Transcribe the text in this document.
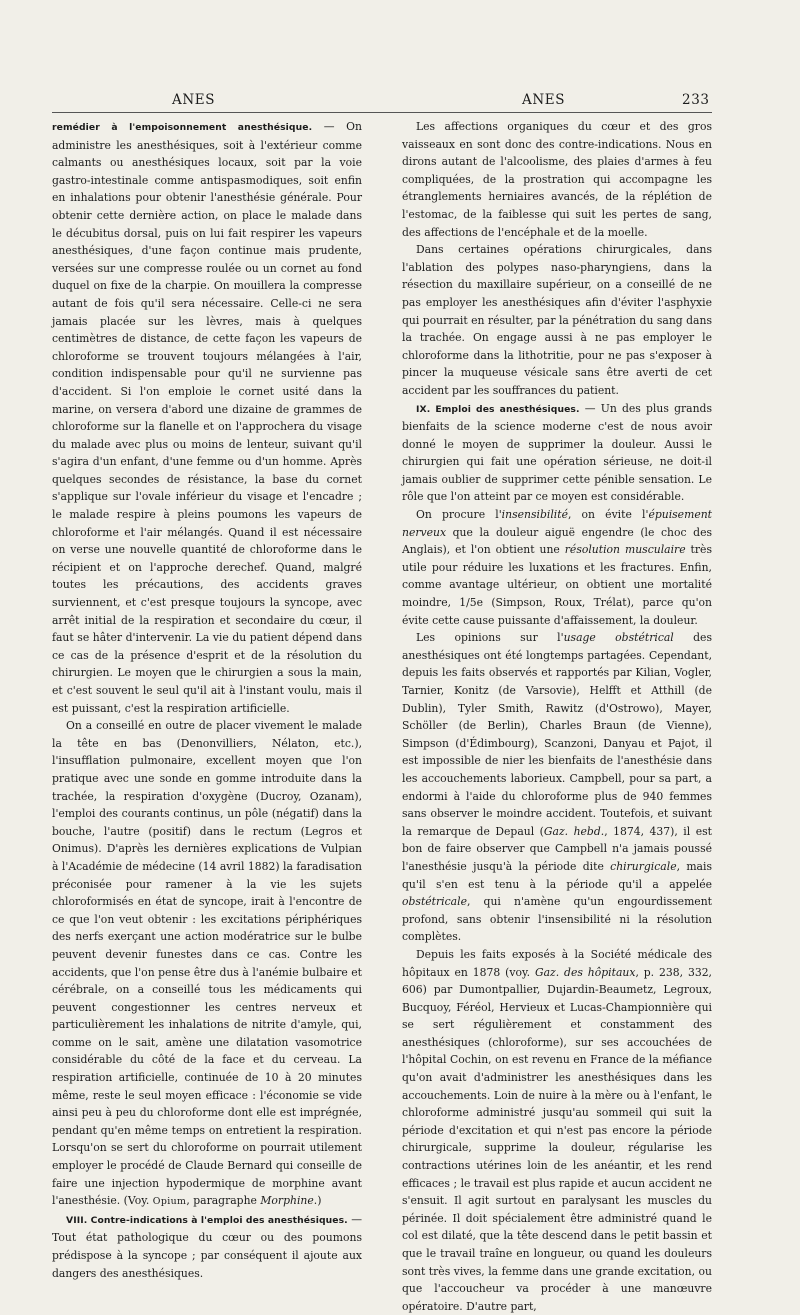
ANES	ANES	233

remédier à l'empoisonnement anesthésique. — On administre les anesthésiques, soit à l'extérieur comme calmants ou anesthésiques locaux, soit par la voie gastro-intestinale comme antispasmodiques, soit enfin en inhalations pour obtenir l'anesthésie générale. Pour obtenir cette dernière action, on place le malade dans le décubitus dorsal, puis on lui fait respirer les vapeurs anesthésiques, d'une façon continue mais prudente, versées sur une compresse roulée ou un cornet au fond duquel on fixe de la charpie. On mouillera la compresse autant de fois qu'il sera nécessaire. Celle-ci ne sera jamais placée sur les lèvres, mais à quelques centimètres de distance, de cette façon les vapeurs de chloroforme se trouvent toujours mélangées à l'air, condition indispensable pour qu'il ne survienne pas d'accident. Si l'on emploie le cornet usité dans la marine, on versera d'abord une dizaine de grammes de chloroforme sur la flanelle et on l'approchera du visage du malade avec plus ou moins de lenteur, suivant qu'il s'agira d'un enfant, d'une femme ou d'un homme. Après quelques secondes de résistance, la base du cornet s'applique sur l'ovale inférieur du visage et l'encadre ; le malade respire à pleins poumons les vapeurs de chloroforme et l'air mélangés. Quand il est nécessaire on verse une nouvelle quantité de chloroforme dans le récipient et on l'approche derechef. Quand, malgré toutes les précautions, des accidents graves surviennent, et c'est presque toujours la syncope, avec arrêt initial de la respiration et secondaire du cœur, il faut se hâter d'intervenir. La vie du patient dépend dans ce cas de la présence d'esprit et de la résolution du chirurgien. Le moyen que le chirurgien a sous la main, et c'est souvent le seul qu'il ait à l'instant voulu, mais il est puissant, c'est la respiration artificielle.

On a conseillé en outre de placer vivement le malade la tête en bas (Denonvilliers, Nélaton, etc.), l'insufflation pulmonaire, excellent moyen que l'on pratique avec une sonde en gomme introduite dans la trachée, la respiration d'oxygène (Ducroy, Ozanam), l'emploi des courants continus, un pôle (négatif) dans la bouche, l'autre (positif) dans le rectum (Legros et Onimus). D'après les dernières explications de Vulpian à l'Académie de médecine (14 avril 1882) la faradisation préconisée pour ramener à la vie les sujets chloroformisés en état de syncope, irait à l'encontre de ce que l'on veut obtenir : les excitations périphériques des nerfs exerçant une action modératrice sur le bulbe peuvent devenir funestes dans ce cas. Contre les accidents, que l'on pense être dus à l'anémie bulbaire et cérébrale, on a conseillé tous les médicaments qui peuvent congestionner les centres nerveux et particulièrement les inhalations de nitrite d'amyle, qui, comme on le sait, amène une dilatation vasomotrice considérable du côté de la face et du cerveau. La respiration artificielle, continuée de 10 à 20 minutes même, reste le seul moyen efficace : l'économie se vide ainsi peu à peu du chloroforme dont elle est imprégnée, pendant qu'en même temps on entretient la respiration. Lorsqu'on se sert du chloroforme on pourrait utilement employer le procédé de Claude Bernard qui conseille de faire une injection hypodermique de morphine avant l'anesthésie. (Voy. Opium, paragraphe Morphine.)

VIII. Contre-indications à l'emploi des anesthésiques. — Tout état pathologique du cœur ou des poumons prédispose à la syncope ; par conséquent il ajoute aux dangers des anesthésiques.

Les affections organiques du cœur et des gros vaisseaux en sont donc des contre-indications. Nous en dirons autant de l'alcoolisme, des plaies d'armes à feu compliquées, de la prostration qui accompagne les étranglements herniaires avancés, de la réplétion de l'estomac, de la faiblesse qui suit les pertes de sang, des affections de l'encéphale et de la moelle.

Dans certaines opérations chirurgicales, dans l'ablation des polypes naso-pharyngiens, dans la résection du maxillaire supérieur, on a conseillé de ne pas employer les anesthésiques afin d'éviter l'asphyxie qui pourrait en résulter, par la pénétration du sang dans la trachée. On engage aussi à ne pas employer le chloroforme dans la lithotritie, pour ne pas s'exposer à pincer la muqueuse vésicale sans être averti de cet accident par les souffrances du patient.

IX. Emploi des anesthésiques. — Un des plus grands bienfaits de la science moderne c'est de nous avoir donné le moyen de supprimer la douleur. Aussi le chirurgien qui fait une opération sérieuse, ne doit-il jamais oublier de supprimer cette pénible sensation. Le rôle que l'on atteint par ce moyen est considérable.

On procure l'insensibilité, on évite l'épuisement nerveux que la douleur aiguë engendre (le choc des Anglais), et l'on obtient une résolution musculaire très utile pour réduire les luxations et les fractures. Enfin, comme avantage ultérieur, on obtient une mortalité moindre, 1/5e (Simpson, Roux, Trélat), parce qu'on évite cette cause puissante d'affaissement, la douleur.

Les opinions sur l'usage obstétrical des anesthésiques ont été longtemps partagées. Cependant, depuis les faits observés et rapportés par Kilian, Vogler, Tarnier, Konitz (de Varsovie), Helfft et Atthill (de Dublin), Tyler Smith, Rawitz (d'Ostrowo), Mayer, Schöller (de Berlin), Charles Braun (de Vienne), Simpson (d'Édimbourg), Scanzoni, Danyau et Pajot, il est impossible de nier les bienfaits de l'anesthésie dans les accouchements laborieux. Campbell, pour sa part, a endormi à l'aide du chloroforme plus de 940 femmes sans observer le moindre accident. Toutefois, et suivant la remarque de Depaul (Gaz. hebd., 1874, 437), il est bon de faire observer que Campbell n'a jamais poussé l'anesthésie jusqu'à la période dite chirurgicale, mais qu'il s'en est tenu à la période qu'il a appelée obstétricale, qui n'amène qu'un engourdissement profond, sans obtenir l'insensibilité ni la résolution complètes.

Depuis les faits exposés à la Société médicale des hôpitaux en 1878 (voy. Gaz. des hôpitaux, p. 238, 332, 606) par Dumontpallier, Dujardin-Beaumetz, Legroux, Bucquoy, Féréol, Hervieux et Lucas-Championnière qui se sert régulièrement et constamment des anesthésiques (chloroforme), sur ses accouchées de l'hôpital Cochin, on est revenu en France de la méfiance qu'on avait d'administrer les anesthésiques dans les accouchements. Loin de nuire à la mère ou à l'enfant, le chloroforme administré jusqu'au sommeil qui suit la période d'excitation et qui n'est pas encore la période chirurgicale, supprime la douleur, régularise les contractions utérines loin de les anéantir, et les rend efficaces ; le travail est plus rapide et aucun accident ne s'ensuit. Il agit surtout en paralysant les muscles du périnée. Il doit spécialement être administré quand le col est dilaté, que la tête descend dans le petit bassin et que le travail traîne en longueur, ou quand les douleurs sont très vives, la femme dans une grande excitation, ou que l'accoucheur va procéder à une manœuvre opératoire. D'autre part,
